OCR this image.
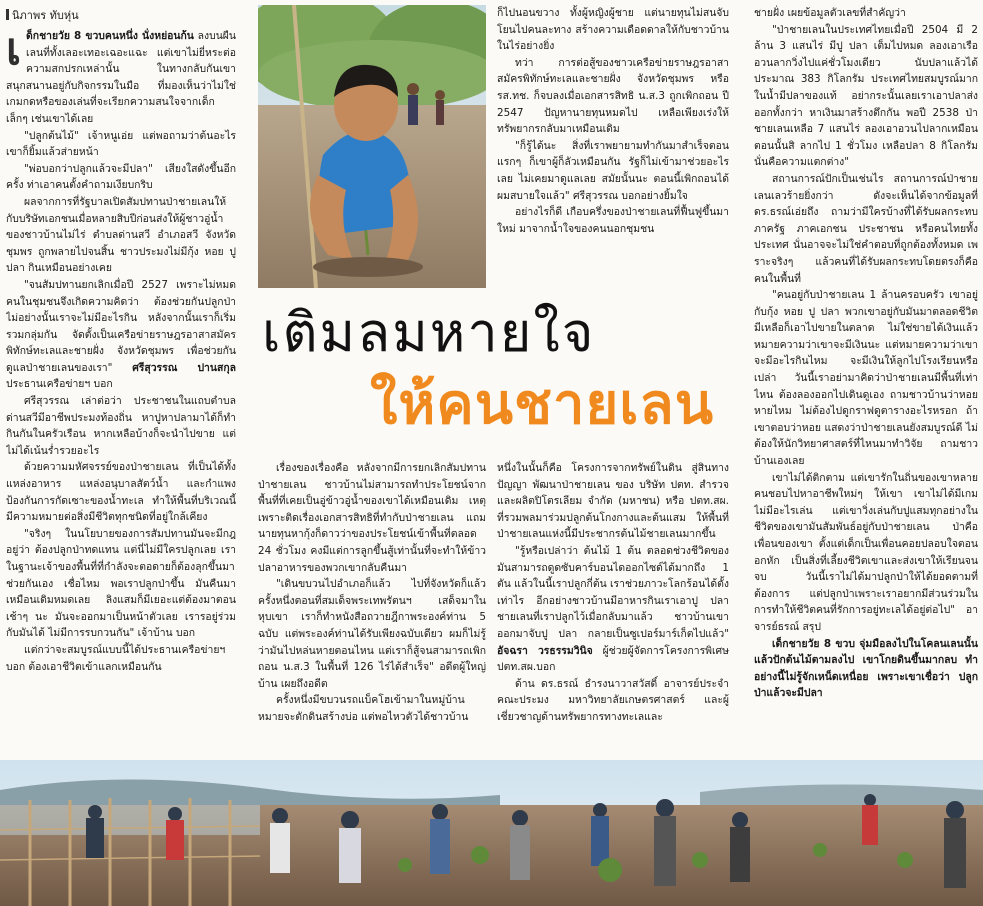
นิภาพร ทับหุ่น

เด็กชายวัย 8 ขวบคนหนึ่ง นั่งหย่อนก้น ลงบนผืนเลนที่ทั้งเลอะเทอะเฉอะแฉะ แต่เขาไม่ยี่หระต่อความสกปรกเหล่านั้น ในทางกลับกันเขาสนุกสนานอยู่กับกิจกรรมในมือ ที่มองเห็นว่าไม่ใช่เกมกดหรือของเล่นที่จะเรียกความสนใจจากเด็กเล็กๆ เช่นเขาได้เลย

"ปลูกต้นไม้" เจ้าหนูเอ่ย แต่พอถามว่าต้นอะไร เขาก็ยิ้มแล้วส่ายหน้า

"พ่อบอกว่าปลูกแล้วจะมีปลา" เสียงใสดังขึ้นอีกครั้ง ท่าเอาคนตั้งคำถามเงียบกริบ

ผลจากการที่รัฐบาลเปิดสัมปทานป่าชายเลนให้กับบริษัทเอกชนเมื่อหลายสิบปีก่อนส่งให้ผู้ชาวอู่น้ำของชาวบ้านไม่ไร่ ตำบลด่านสวี อำเภอสวี จังหวัดชุมพร ถูกพลายไปจนสิ้น ชาวประมงไม่มีกุ้ง หอย ปู ปลา กินเหมือนอย่างเคย

"จนสัมปทานยกเลิกเมื่อปี 2527 เพราะไม่หมด คนในชุมชนจึงเกิดความคิดว่า ต้องช่วยกันปลูกป่า ไม่อย่างนั้นเราจะไม่มีอะไรกิน หลังจากนั้นเราก็เริ่มรวมกลุ่มกัน จัดตั้งเป็นเครือข่ายราษฎรอาสาสมัครพิทักษ์ทะเลและชายฝั่ง จังหวัดชุมพร เพื่อช่วยกันดูแลป่าชายเลนของเรา" ศรีสุวรรณ ปานสกุล ประธานเครือข่ายฯ บอก

ศรีสุวรรณ เล่าต่อว่า ประชาชนในแถบตำบลด่านสวีมีอาชีพประมงท้องถิ่น หาปูหาปลามาได้ก็ทำกินกันในครัวเรือน หากเหลือบ้างก็จะนำไปขาย แต่ไม่ได้เน้นร่ำรวยอะไร

ด้วยความมหัศจรรย์ของป่าชายเลน ที่เป็นได้ทั้งแหล่งอาหาร แหล่งอนุบาลสัตว์น้ำ และกำแพงป้องกันการกัดเซาะของน้ำทะเล ทำให้พื้นที่บริเวณนี้มีความหมายต่อสิ่งมีชีวิตทุกชนิดที่อยู่ใกล้เคียง

"จริงๆ ในนโยบายของการสัมปทานมันจะมีกฎอยู่ว่า ต้องปลูกป่าทดแทน แต่นี่ไม่มีใครปลูกเลย เราในฐานะเจ้าของพื้นที่ที่กำลังจะตอดายก็ต้องลุกขึ้นมาช่วยกันเอง เชื่อไหม พอเราปลูกป่าขึ้น มันคืนมาเหมือนเดิมหมดเลย ลิงแสมก็มีเยอะแต่ต้องมาตอนเช้าๆ นะ มันจะออกมาเป็นหน้าตัวเลย เรารอยู่ร่วมกับมันได้ ไม่มีการรบกวนกัน" เจ้าบ้าน บอก

แต่กว่าจะสมบูรณ์แบบนี้ได้ประธานเครือข่ายฯ บอก ต้องเอาชีวิตเข้าแลกเหมือนกัน

ก็ไปนอนขวาง ทั้งผู้หญิงผู้ชาย แต่นายทุนไม่สนจับโยนไปคนละทาง สร้างความเดือดดาลให้กับชาวบ้านในไร่อย่างยิ่ง

ทว่า การต่อสู้ของชาวเครือข่ายราษฎรอาสาสมัครพิทักษ์ทะเลและชายฝั่ง จังหวัดชุมพร หรือ รส.ทช. ก็จบลงเมื่อเอกสารสิทธิ น.ส.3 ถูกเพิกถอน ปี 2547 ปัญหานายทุนหมดไป เหลือเพียงเร่งให้ทรัพยากรกลับมาเหมือนเดิม

"ก็รู้ได้นะ สิ่งที่เราพยายามทำกันมาสำเร็จตอนแรกๆ ก็เขาผู้ก็ลัวเหมือนกัน รัฐก็ไม่เข้ามาช่วยอะไรเลย ไม่เคยมาดูแลเลย สมัยนั้นนะ ตอนนี้เพิกถอนได้ ผมสบายใจแล้ว" ศรีสุวรรณ บอกอย่างยิ้มใจ

อย่างไรก็ดี เกือบครึ่งของป่าชายเลนที่ฟื้นฟูขึ้นมาใหม่ มาจากน้ำใจของคนนอกชุมชน

เติมลมหายใจ
ให้คนชายเลน

เรื่องของเรื่องคือ หลังจากมีการยกเลิกสัมปทานป่าชายเลน ชาวบ้านไม่สามารถทำประโยชน์จากพื้นที่ที่เคยเป็นอู่ข้าวอู่น้ำของเขาได้เหมือนเดิม เหตุเพราะติดเรื่องเอกสารสิทธิที่ทำกับป่าชายเลน แถมนายทุนหากุ้งก็ดาวว่าของประโยชน์เข้าพื้นที่ตลอด 24 ชั่วโมง คงมีแต่การลูกขึ้นสู้เท่านั้นที่จะทำให้ข้าวปลาอาหารของพวกเขากลับคืนมา

"เดินขบวนไปอำเภอก็แล้ว ไปที่จังหวัดก็แล้ว ครั้งหนึ่งตอนที่สมเด็จพระเทพรัตนฯ เสด็จมาในหุบเขา เราก็ทำหนังสือถวายฎีกาพระองค์ท่าน 5 ฉบับ แต่พระองค์ท่านได้รับเพียงฉบับเดียว ผมก็ไม่รู้ว่ามันไปหล่นหายตอนไหน แต่เราก็สู้จนสามารถเพิกถอน น.ส.3 ในพื้นที่ 126 ไร่ได้สำเร็จ" อดีตผู้ใหญ่บ้าน เผยถึงอดีต

ครั้งหนึ่งมีขบวนรถแบ็คโฮเข้ามาในหมู่บ้านหมายจะตักดินสร้างบ่อ แต่พอไหวตัวได้ชาวบ้าน

หนึ่งในนั้นก็คือ โครงการจากทรัพย์ในดิน สู่สินทางปัญญา พัฒนาป่าชายเลน ของ บริษัท ปตท. สำรวจและผลิตปิโตรเลียม จำกัด (มหาชน) หรือ ปตท.สผ. ที่รวมพลมาร่วมปลูกต้นโกงกางและต้นแสม ให้พื้นที่ป่าชายเลนแห่งนี้มีประชากรต้นไม้ชายเลนมากขึ้น

"รู้หรือเปล่าว่า ต้นไม้ 1 ต้น ตลอดช่วงชีวิตของมันสามารถดูดซับคาร์บอนไดออกไซด์ได้มากถึง 1 ตัน แล้วในนี้เราปลูกกี่ต้น เราช่วยภาวะโลกร้อนได้ตั้งเท่าไร อีกอย่างชาวบ้านมีอาหารกินเราเอาปู ปลาชายเลนที่เราปลูกไว้เมื่อกลับมาแล้ว ชาวบ้านเขาออกมาจับปู ปลา กลายเป็นซูเปอร์มาร์เก็ตไปแล้ว" อัจฉรา วรธรรมวินิจ ผู้ช่วยผู้จัดการโครงการพิเศษ ปตท.สผ.บอก

ด้าน ดร.ธรณ์ ธำรงนาวาสวัสดิ์ อาจารย์ประจำคณะประมง มหาวิทยาลัยเกษตรศาสตร์ และผู้เชี่ยวชาญด้านทรัพยากรทางทะเลและ

ชายฝั่ง เผยข้อมูลตัวเลขที่สำคัญว่า

"ป่าชายเลนในประเทศไทยเมื่อปี 2504 มี 2 ล้าน 3 แสนไร่ มีปู ปลา เต็มไปหมด ลองเอาเรืออวนลากวิ่งไปแค่ชั่วโมงเดียว นับปลาแล้วได้ประมาณ 383 กิโลกรัม ประเทศไทยสมบูรณ์มาก ในน้ำมีปลาของแท้ อย่ากระนั้นเลยเราเอาปลาส่งออกทั้งกว่า หาเงินมาสร้างตึกกัน พอปี 2538 ป่าชายเลนเหลือ 7 แสนไร่ ลองเอาอวนไปลากเหมือนตอนนั้นสิ ลากไป 1 ชั่วโมง เหลือปลา 8 กิโลกรัม นั่นคือความแตกต่าง"

สถานการณ์ปักเป็นเช่นไร สถานการณ์ป่าชายเลนเลวร้ายยิ่งกว่า ดังจะเห็นได้จากข้อมูลที่ ดร.ธรณ์เอ่ยถึง ถามว่ามีใครบ้างที่ได้รับผลกระทบ ภาครัฐ ภาคเอกชน ประชาชน หรือคนไทยทั้งประเทศ นั่นอาจจะไม่ใช่คำตอบที่ถูกต้องทั้งหมด เพราะจริงๆ แล้วคนที่ได้รับผลกระทบโดยตรงก็คือ คนในพื้นที่

"คนอยู่กับป่าชายเลน 1 ล้านครอบครัว เขาอยู่กับกุ้ง หอย ปู ปลา พวกเขาอยู่กับมันมาตลอดชีวิต มีเหลือก็เอาไปขายในตลาด ไม่ใช่ขายได้เงินแล้วหมายความว่าเขาจะมีเงินนะ แต่หมายความว่าเขาจะมีอะไรกินไหม จะมีเงินให้ลูกไปโรงเรียนหรือเปล่า วันนี้เราอย่ามาคิดว่าป่าชายเลนมีพื้นที่เท่าไหน ต้องลองออกไปเดินดูเอง ถามชาวบ้านว่าหอยหายไหม ไม่ต้องไปดูกราฟดูตารางอะไรหรอก ถ้าเขาตอบว่าหอย แสดงว่าป่าชายเลนยังสมบูรณ์ดี ไม่ต้องให้นักวิทยาศาสตร์ที่ไหนมาทำวิจัย ถามชาวบ้านเองเลย

เขาไม่ได้ติกตาม แต่เขารักในถิ่นของเขาหลายคนชอบไปหาอาชีพใหม่ๆ ให้เขา เขาไม่ได้มีเกม ไม่มีอะไรเล่น แต่เขาวิ่งเล่นกับปูแสมทุกอย่างในชีวิตของเขามันสัมพันธ์อยู่กับป่าชายเลน ป่าคือเพื่อนของเขา ตั้งแต่เด็กเป็นเพื่อนคอยปลอบใจตอนอกหัก เป็นสิ่งที่เลี้ยงชีวิตเขาและส่งเขาให้เรียนจนจบ วันนี้เราไม่ได้มาปลูกป่าให้ได้ยอดตามที่ต้องการ แต่ปลูกป่าเพราะเราอยากมีส่วนร่วมในการทำให้ชีวิตคนที่รักการอยู่ทะเลได้อยู่ต่อไป" อาจารย์ธรณ์ สรุป

เด็กชายวัย 8 ขวบ จุ่มมือลงไปในโคลนเลนนั้นแล้วปักต้นไม้ตามลงไป เขาโกยดินขึ้นมากลบ ทำอย่างนี้ไม่รู้จักเหน็ดเหนื่อย เพราะเขาเชื่อว่า ปลูกป่าแล้วจะมีปลา
